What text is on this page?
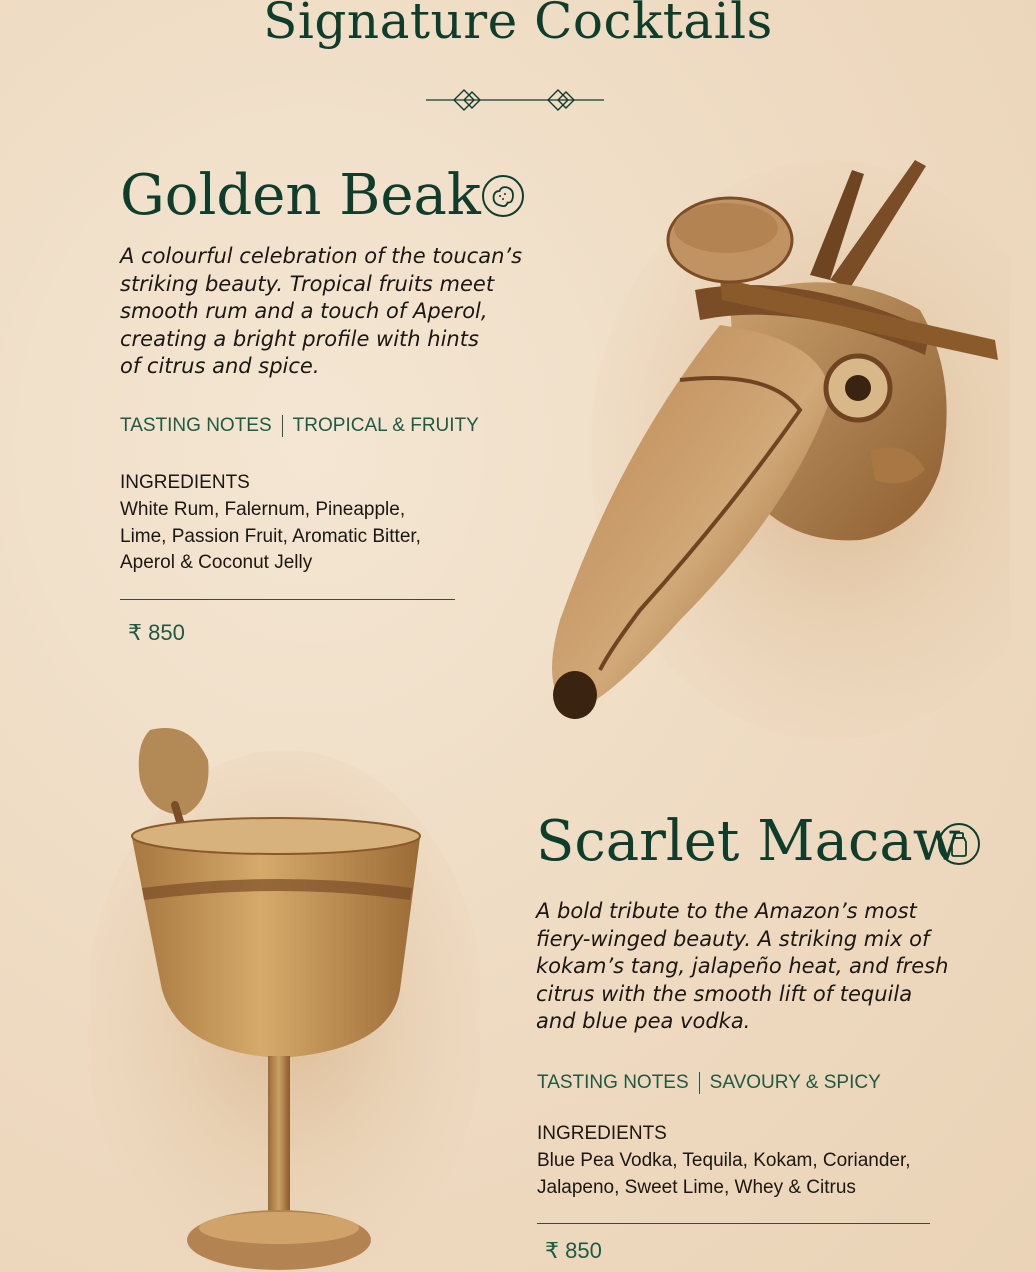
Signature Cocktails
Golden Beak

A colourful celebration of the toucan’s
striking beauty. Tropical fruits meet
smooth rum and a touch of Aperol,
creating a bright profile with hints
of citrus and spice.

TASTING NOTES TROPICAL & FRUITY
INGREDIENTS

White Rum, Falernum, Pineapple,
Lime, Passion Fruit, Aromatic Bitter,
Aperol & Coconut Jelly

₹ 850
Scarlet Macaw

A bold tribute to the Amazon’s most
fiery-winged beauty. A striking mix of
kokam’s tang, jalapeño heat, and fresh
citrus with the smooth lift of tequila
and blue pea vodka.

TASTING NOTES SAVOURY & SPICY
INGREDIENTS

Blue Pea Vodka, Tequila, Kokam, Coriander,
Jalapeno, Sweet Lime, Whey & Citrus

₹ 850
